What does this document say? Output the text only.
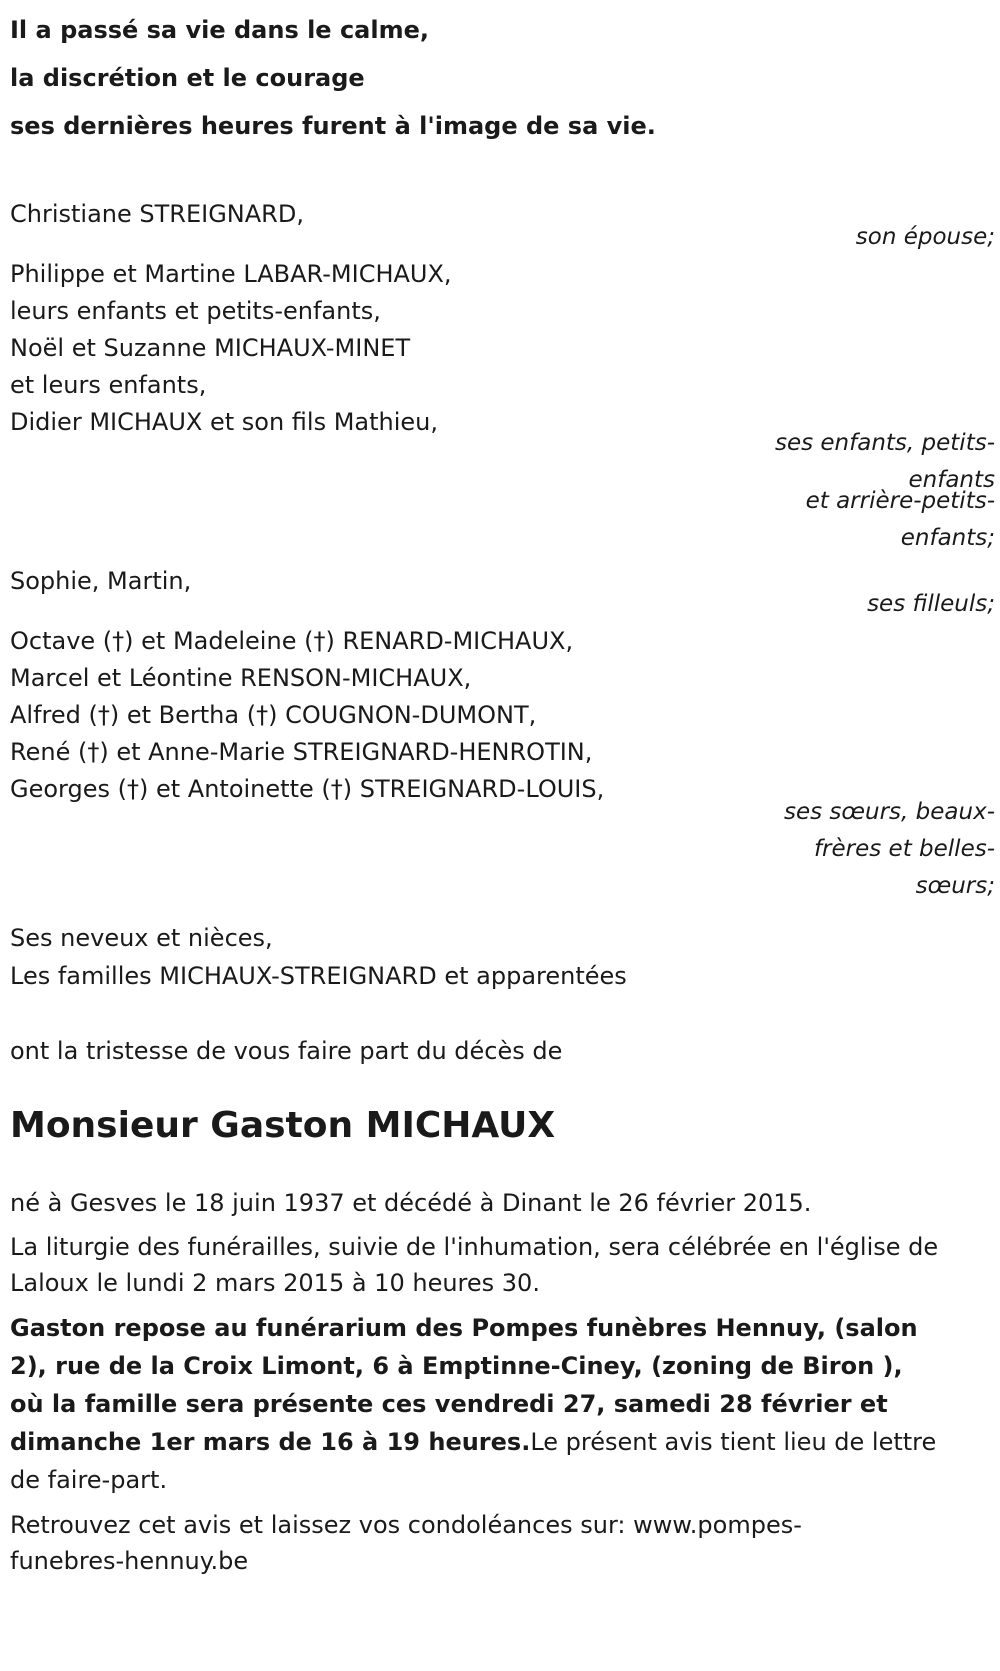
Il a passé sa vie dans le calme,
la discrétion et le courage
ses dernières heures furent à l'image de sa vie.
Christiane STREIGNARD,
son épouse;
Philippe et Martine LABAR-MICHAUX,
leurs enfants et petits-enfants,
Noël et Suzanne MICHAUX-MINET
et leurs enfants,
Didier MICHAUX et son fils Mathieu,
ses enfants, petits-enfants
et arrière-petits-enfants;
Sophie, Martin,
ses filleuls;
Octave (†) et Madeleine (†) RENARD-MICHAUX,
Marcel et Léontine RENSON-MICHAUX,
Alfred (†) et Bertha (†) COUGNON-DUMONT,
René (†) et Anne-Marie STREIGNARD-HENROTIN,
Georges (†) et Antoinette (†) STREIGNARD-LOUIS,
ses sœurs, beaux-frères et belles-sœurs;
Ses neveux et nièces,
Les familles MICHAUX-STREIGNARD et apparentées

ont la tristesse de vous faire part du décès de

Monsieur Gaston MICHAUX

né à Gesves le 18 juin 1937 et décédé à Dinant le 26 février 2015.

La liturgie des funérailles, suivie de l'inhumation, sera célébrée en l'église de Laloux le lundi 2 mars 2015 à 10 heures 30.

Gaston repose au funérarium des Pompes funèbres Hennuy, (salon 2), rue de la Croix Limont, 6 à Emptinne-Ciney, (zoning de Biron ), où la famille sera présente ces vendredi 27, samedi 28 février et dimanche 1er mars de 16 à 19 heures.Le présent avis tient lieu de lettre de faire-part.

Retrouvez cet avis et laissez vos condoléances sur: www.pompes-funebres-hennuy.be
